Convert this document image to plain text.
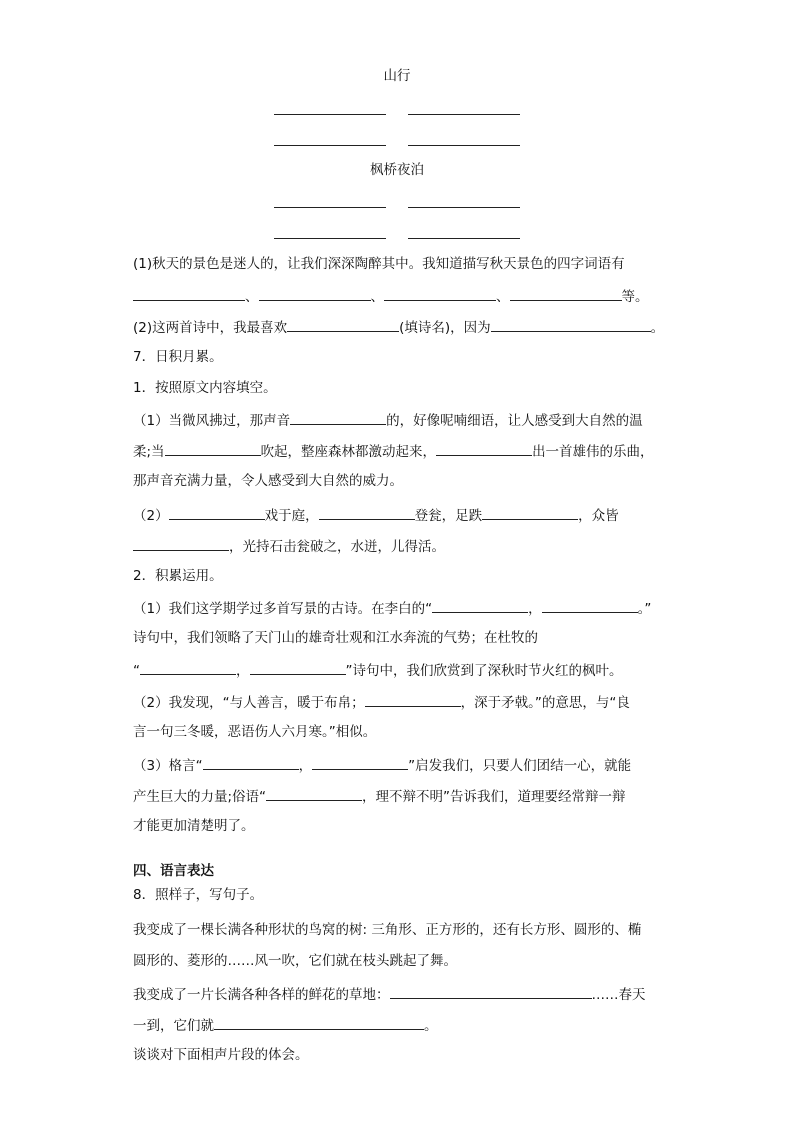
山行
枫桥夜泊
(1)秋天的景色是迷人的，让我们深深陶醉其中。我知道描写秋天景色的四字词语有
、	、	、	等。
(2)这两首诗中，我最喜欢	(填诗名)，因为	。
7．日积月累。
1．按照原文内容填空。
（1）当微风拂过，那声音	的，好像呢喃细语，让人感受到大自然的温
柔;当	吹起，整座森林都激动起来，	出一首雄伟的乐曲，
那声音充满力量，令人感受到大自然的威力。
（2）	戏于庭，	登瓮，足跌	，众皆
，光持石击瓮破之，水迸，儿得活。
2．积累运用。
（1）我们这学期学过多首写景的古诗。在李白的“	，	。”
诗句中，我们领略了天门山的雄奇壮观和江水奔流的气势；在杜牧的
“	，	”诗句中，我们欣赏到了深秋时节火红的枫叶。
（2）我发现，“与人善言，暖于布帛；	，深于矛戟。”的意思，与“良
言一句三冬暖，恶语伤人六月寒。”相似。
（3）格言“	，	”启发我们，只要人们团结一心，就能
产生巨大的力量;俗语“	，理不辩不明”告诉我们，道理要经常辩一辩
才能更加清楚明了。
四、语言表达
8．照样子，写句子。
我变成了一棵长满各种形状的鸟窝的树: 三角形、正方形的，还有长方形、圆形的、椭
圆形的、菱形的……风一吹，它们就在枝头跳起了舞。
我变成了一片长满各种各样的鲜花的草地：	……春天
一到，它们就	。
谈谈对下面相声片段的体会。
